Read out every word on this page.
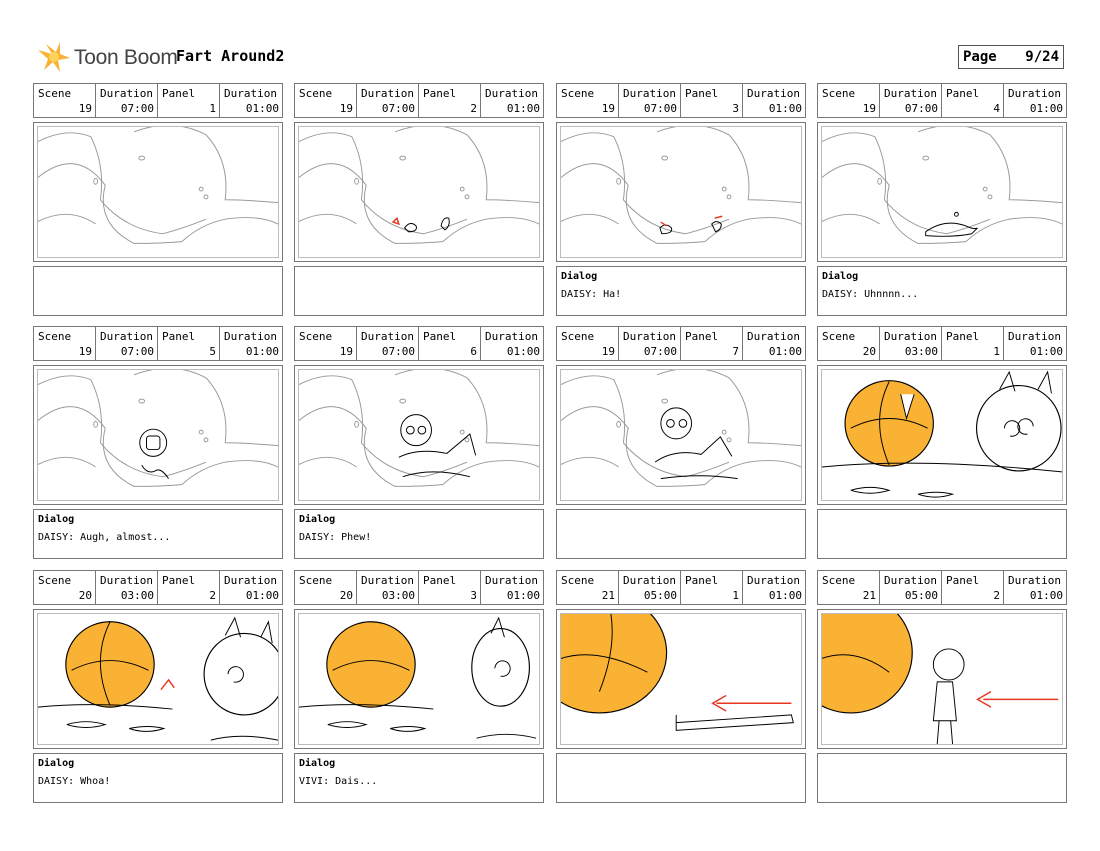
Toon Boom
Fart Around2	Page 9/24
Scene
19
Duration
07:00
Panel
1
Duration
01:00
Scene
19
Duration
07:00
Panel
2
Duration
01:00
Scene
19
Duration
07:00
Panel
3
Duration
01:00
Dialog
DAISY: Ha!
Scene
19
Duration
07:00
Panel
4
Duration
01:00
Dialog
DAISY: Uhnnnn...
Scene
19
Duration
07:00
Panel
5
Duration
01:00
Dialog
DAISY: Augh, almost...
Scene
19
Duration
07:00
Panel
6
Duration
01:00
Dialog
DAISY: Phew!
Scene
19
Duration
07:00
Panel
7
Duration
01:00
Scene
20
Duration
03:00
Panel
1
Duration
01:00
Scene
20
Duration
03:00
Panel
2
Duration
01:00
Dialog
DAISY: Whoa!
Scene
20
Duration
03:00
Panel
3
Duration
01:00
Dialog
VIVI: Dais...
Scene
21
Duration
05:00
Panel
1
Duration
01:00
Scene
21
Duration
05:00
Panel
2
Duration
01:00
